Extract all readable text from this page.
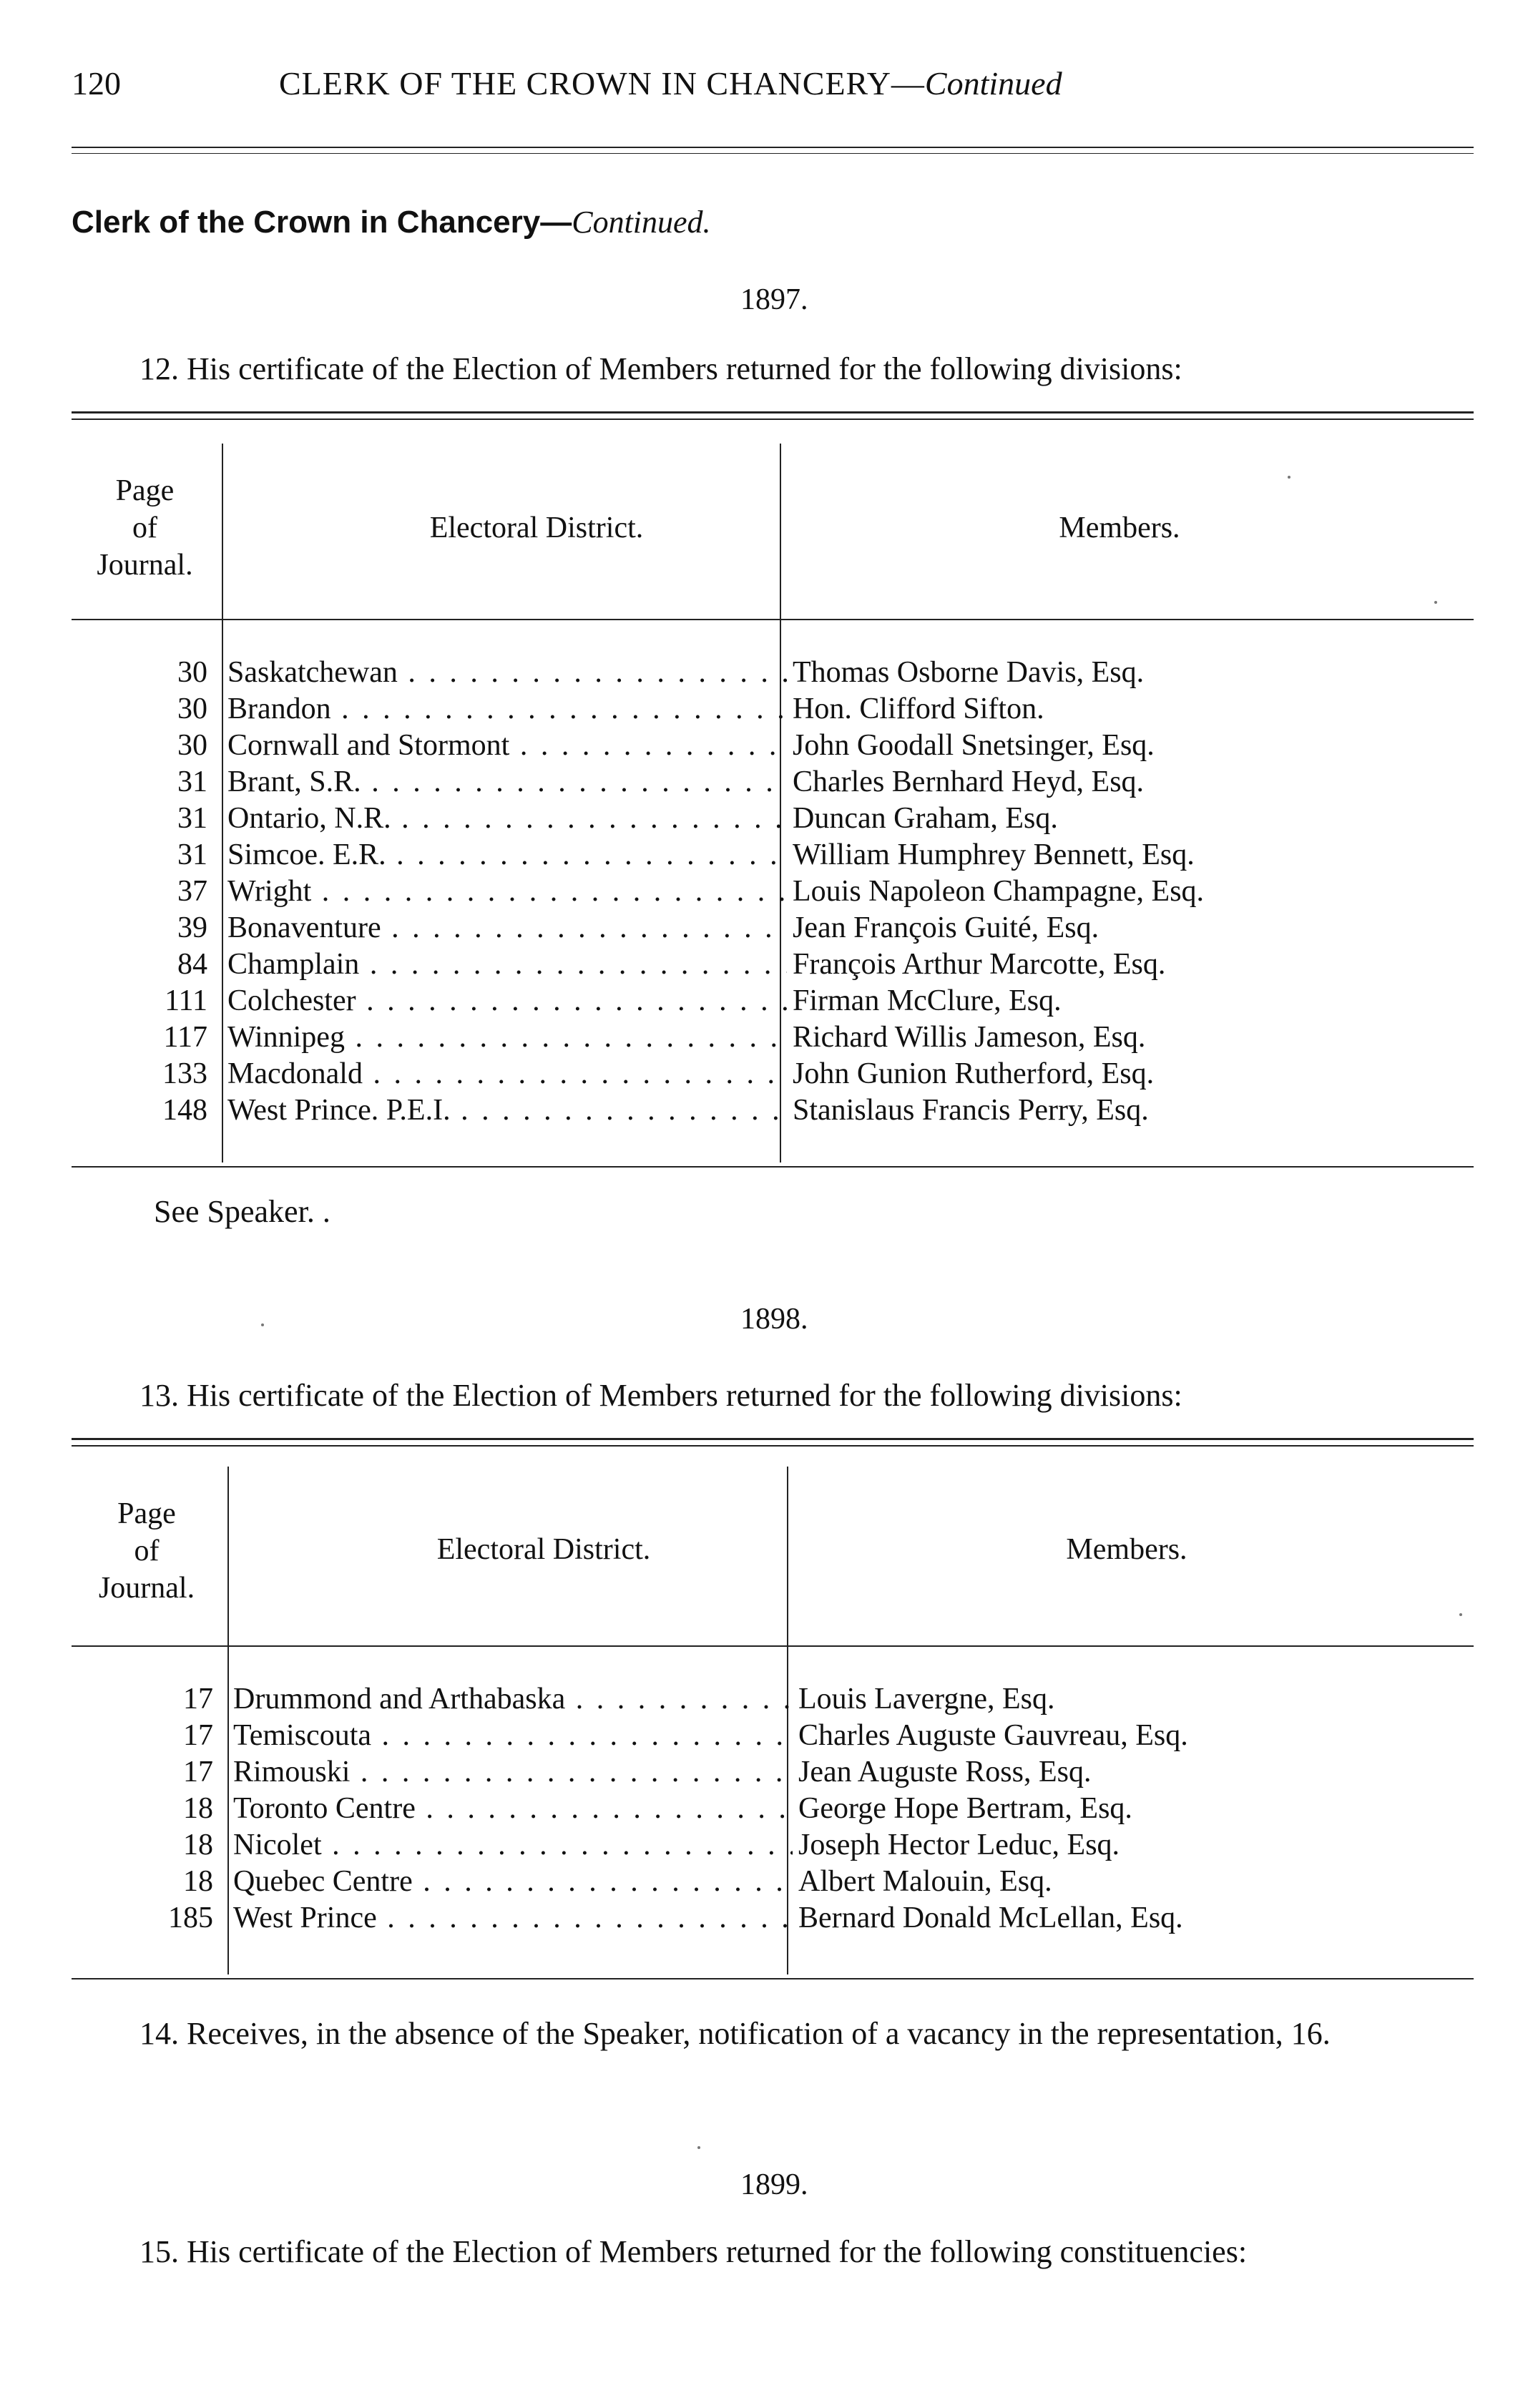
120	CLERK OF THE CROWN IN CHANCERY—Continued
Clerk of the Crown in Chancery—Continued.
1897.
12. His certificate of the Election of Members returned for the following divisions:
Page
of
Journal.
Electoral District.	Members.
30 Saskatchewan . . .	Thomas Osborne Davis, Esq.
30 Brandon . . .	Hon. Clifford Sifton.
30 Cornwall and Stormont . . .	John Goodall Snetsinger, Esq.
31 Brant, S.R. . . .	Charles Bernhard Heyd, Esq.
31 Ontario, N.R. . . .	Duncan Graham, Esq.
31 Simcoe. E.R. . . .	William Humphrey Bennett, Esq.
37 Wright . . .	Louis Napoleon Champagne, Esq.
39 Bonaventure . . .	Jean François Guité, Esq.
84 Champlain . . .	François Arthur Marcotte, Esq.
111 Colchester . . .	Firman McClure, Esq.
117 Winnipeg . . .	Richard Willis Jameson, Esq.
133 Macdonald . . .	John Gunion Rutherford, Esq.
148 West Prince. P.E.I. . . .	Stanislaus Francis Perry, Esq.
See Speaker. .
1898.
13. His certificate of the Election of Members returned for the following divisions:
Page
of
Journal.
Electoral District.	Members.
17 Drummond and Arthabaska . . .	Louis Lavergne, Esq.
17 Temiscouta . . .	Charles Auguste Gauvreau, Esq.
17 Rimouski . . .	Jean Auguste Ross, Esq.
18 Toronto Centre . . .	George Hope Bertram, Esq.
18 Nicolet . . .	Joseph Hector Leduc, Esq.
18 Quebec Centre . . .	Albert Malouin, Esq.
185 West Prince . . .	Bernard Donald McLellan, Esq.
14. Receives, in the absence of the Speaker, notification of a vacancy in the representation, 16.
1899.
15. His certificate of the Election of Members returned for the following constituencies:
